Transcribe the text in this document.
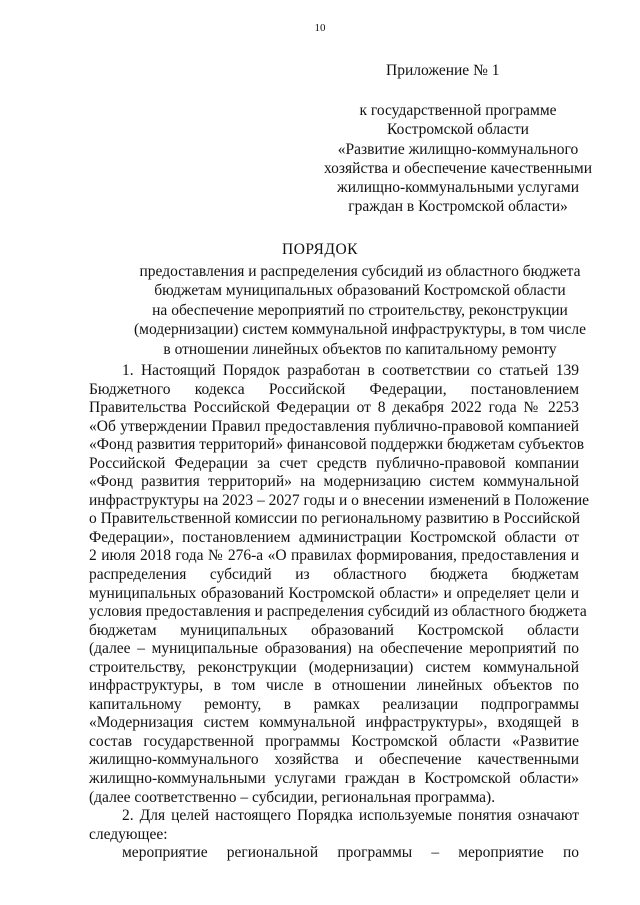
10
Приложение № 1
к государственной программе
Костромской области
«Развитие жилищно-коммунального
хозяйства и обеспечение качественными
жилищно-коммунальными услугами
граждан в Костромской области»
ПОРЯДОК
предоставления и распределения субсидий из областного бюджета
бюджетам муниципальных образований Костромской области
на обеспечение мероприятий по строительству, реконструкции
(модернизации) систем коммунальной инфраструктуры, в том числе
в отношении линейных объектов по капитальному ремонту
1. Настоящий Порядок разработан в соответствии со статьей 139
Бюджетного кодекса Российской Федерации, постановлением
Правительства Российской Федерации от 8 декабря 2022 года № 2253
«Об утверждении Правил предоставления публично-правовой компанией
«Фонд развития территорий» финансовой поддержки бюджетам субъектов
Российской Федерации за счет средств публично-правовой компании
«Фонд развития территорий» на модернизацию систем коммунальной
инфраструктуры на 2023 – 2027 годы и о внесении изменений в Положение
о Правительственной комиссии по региональному развитию в Российской
Федерации», постановлением администрации Костромской области от
2 июля 2018 года № 276-а «О правилах формирования, предоставления и
распределения субсидий из областного бюджета бюджетам
муниципальных образований Костромской области» и определяет цели и
условия предоставления и распределения субсидий из областного бюджета
бюджетам муниципальных образований Костромской области
(далее – муниципальные образования) на обеспечение мероприятий по
строительству, реконструкции (модернизации) систем коммунальной
инфраструктуры, в том числе в отношении линейных объектов по
капитальному ремонту, в рамках реализации подпрограммы
«Модернизация систем коммунальной инфраструктуры», входящей в
состав государственной программы Костромской области «Развитие
жилищно-коммунального хозяйства и обеспечение качественными
жилищно-коммунальными услугами граждан в Костромской области»
(далее соответственно – субсидии, региональная программа).
2. Для целей настоящего Порядка используемые понятия означают
следующее:
мероприятие региональной программы – мероприятие по
